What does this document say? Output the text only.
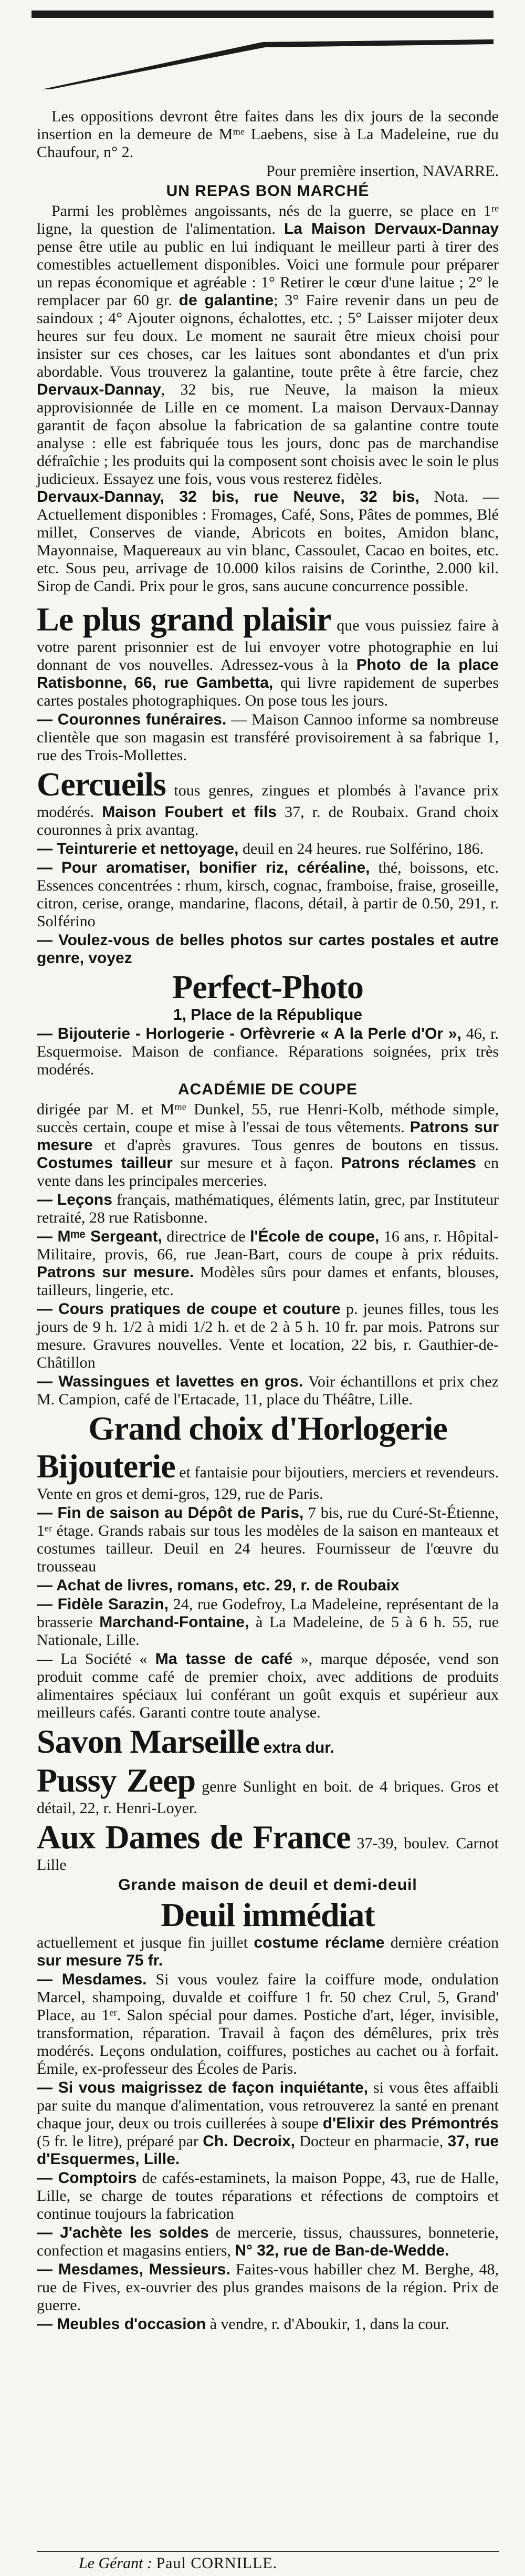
Les oppositions devront être faites dans les dix jours de la seconde insertion en la demeure de Mᵐᵉ Laebens, sise à La Madeleine, rue du Chaufour, n° 2.

Pour première insertion, NAVARRE.

UN REPAS BON MARCHÉ

Parmi les problèmes angoissants, nés de la guerre, se place en 1ʳᵉ ligne, la question de l'alimentation. La Maison Dervaux-Dannay pense être utile au public en lui indiquant le meilleur parti à tirer des comestibles actuellement disponibles. Voici une formule pour préparer un repas économique et agréable : 1° Retirer le cœur d'une laitue ; 2° le remplacer par 60 gr. de galantine; 3° Faire revenir dans un peu de saindoux ; 4° Ajouter oignons, échalottes, etc. ; 5° Laisser mijoter deux heures sur feu doux. Le moment ne saurait être mieux choisi pour insister sur ces choses, car les laitues sont abondantes et d'un prix abordable. Vous trouverez la galantine, toute prête à être farcie, chez Dervaux-Dannay, 32 bis, rue Neuve, la maison la mieux approvisionnée de Lille en ce moment. La maison Dervaux-Dannay garantit de façon absolue la fabrication de sa galantine contre toute analyse : elle est fabriquée tous les jours, donc pas de marchandise défraîchie ; les produits qui la composent sont choisis avec le soin le plus judicieux. Essayez une fois, vous vous resterez fidèles.
Dervaux-Dannay, 32 bis, rue Neuve, 32 bis, Nota. — Actuellement disponibles : Fromages, Café, Sons, Pâtes de pommes, Blé millet, Conserves de viande, Abricots en boites, Amidon blanc, Mayonnaise, Maquereaux au vin blanc, Cassoulet, Cacao en boites, etc. etc. Sous peu, arrivage de 10.000 kilos raisins de Corinthe, 2.000 kil. Sirop de Candi. Prix pour le gros, sans aucune concurrence possible.

Le plus grand plaisir que vous puissiez faire à votre parent prisonnier est de lui envoyer votre photographie en lui donnant de vos nouvelles. Adressez-vous à la Photo de la place Ratisbonne, 66, rue Gambetta, qui livre rapidement de superbes cartes postales photographiques. On pose tous les jours.

— Couronnes funéraires. — Maison Cannoo informe sa nombreuse clientèle que son magasin est transféré provisoirement à sa fabrique 1, rue des Trois-Mollettes.

Cercueils tous genres, zingues et plombés à l'avance prix modérés. Maison Foubert et fils 37, r. de Roubaix. Grand choix couronnes à prix avantag.

— Teinturerie et nettoyage, deuil en 24 heures. rue Solférino, 186.

— Pour aromatiser, bonifier riz, céréaline, thé, boissons, etc. Essences concentrées : rhum, kirsch, cognac, framboise, fraise, groseille, citron, cerise, orange, mandarine, flacons, détail, à partir de 0.50, 291, r. Solférino

— Voulez-vous de belles photos sur cartes postales et autre genre, voyez

Perfect-Photo
1, Place de la République

— Bijouterie - Horlogerie - Orfèvrerie « A la Perle d'Or », 46, r. Esquermoise. Maison de confiance. Réparations soignées, prix très modérés.

ACADÉMIE DE COUPE

dirigée par M. et Mᵐᵉ Dunkel, 55, rue Henri-Kolb, méthode simple, succès certain, coupe et mise à l'essai de tous vêtements. Patrons sur mesure et d'après gravures. Tous genres de boutons en tissus. Costumes tailleur sur mesure et à façon. Patrons réclames en vente dans les principales merceries.

— Leçons français, mathématiques, éléments latin, grec, par Instituteur retraité, 28 rue Ratisbonne.

— Mᵐᵉ Sergeant, directrice de l'École de coupe, 16 ans, r. Hôpital-Militaire, provis, 66, rue Jean-Bart, cours de coupe à prix réduits. Patrons sur mesure. Modèles sûrs pour dames et enfants, blouses, tailleurs, lingerie, etc.

— Cours pratiques de coupe et couture p. jeunes filles, tous les jours de 9 h. 1/2 à midi 1/2 h. et de 2 à 5 h. 10 fr. par mois. Patrons sur mesure. Gravures nouvelles. Vente et location, 22 bis, r. Gauthier-de-Châtillon

— Wassingues et lavettes en gros. Voir échantillons et prix chez M. Campion, café de l'Ertacade, 11, place du Théâtre, Lille.

Grand choix d'Horlogerie

Bijouterie et fantaisie pour bijoutiers, merciers et revendeurs. Vente en gros et demi-gros, 129, rue de Paris.

— Fin de saison au Dépôt de Paris, 7 bis, rue du Curé-St-Étienne, 1ᵉʳ étage. Grands rabais sur tous les modèles de la saison en manteaux et costumes tailleur. Deuil en 24 heures. Fournisseur de l'œuvre du trousseau

— Achat de livres, romans, etc. 29, r. de Roubaix

— Fidèle Sarazin, 24, rue Godefroy, La Madeleine, représentant de la brasserie Marchand-Fontaine, à La Madeleine, de 5 à 6 h. 55, rue Nationale, Lille.

— La Société « Ma tasse de café », marque déposée, vend son produit comme café de premier choix, avec additions de produits alimentaires spéciaux lui conférant un goût exquis et supérieur aux meilleurs cafés. Garanti contre toute analyse.

Savon Marseille extra dur.

Pussy Zeep genre Sunlight en boit. de 4 briques. Gros et détail, 22, r. Henri-Loyer.

Aux Dames de France 37-39, boulev. Carnot Lille

Grande maison de deuil et demi-deuil
Deuil immédiat

actuellement et jusque fin juillet costume réclame dernière création sur mesure 75 fr.

— Mesdames. Si vous voulez faire la coiffure mode, ondulation Marcel, shampoing, duvalde et coiffure 1 fr. 50 chez Crul, 5, Grand' Place, au 1ᵉʳ. Salon spécial pour dames. Postiche d'art, léger, invisible, transformation, réparation. Travail à façon des démêlures, prix très modérés. Leçons ondulation, coiffures, postiches au cachet ou à forfait. Émile, ex-professeur des Écoles de Paris.

— Si vous maigrissez de façon inquiétante, si vous êtes affaibli par suite du manque d'alimentation, vous retrouverez la santé en prenant chaque jour, deux ou trois cuillerées à soupe d'Elixir des Prémontrés (5 fr. le litre), préparé par Ch. Decroix, Docteur en pharmacie, 37, rue d'Esquermes, Lille.

— Comptoirs de cafés-estaminets, la maison Poppe, 43, rue de Halle, Lille, se charge de toutes réparations et réfections de comptoirs et continue toujours la fabrication

— J'achète les soldes de mercerie, tissus, chaussures, bonneterie, confection et magasins entiers, N° 32, rue de Ban-de-Wedde.

— Mesdames, Messieurs. Faites-vous habiller chez M. Berghe, 48, rue de Fives, ex-ouvrier des plus grandes maisons de la région. Prix de guerre.

— Meubles d'occasion à vendre, r. d'Aboukir, 1, dans la cour.

Le Gérant : Paul CORNILLE.
